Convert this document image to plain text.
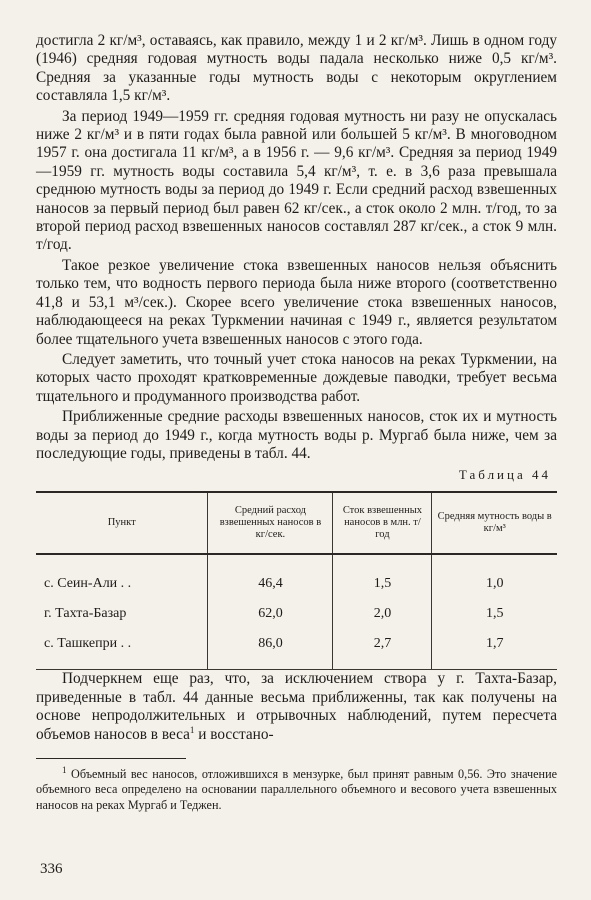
достигла 2 кг/м³, оставаясь, как правило, между 1 и 2 кг/м³. Лишь в одном году (1946) средняя годовая мутность воды падала несколько ниже 0,5 кг/м³. Средняя за указанные годы мутность воды с некоторым округлением составляла 1,5 кг/м³.

За период 1949—1959 гг. средняя годовая мутность ни разу не опускалась ниже 2 кг/м³ и в пяти годах была равной или большей 5 кг/м³. В многоводном 1957 г. она достигала 11 кг/м³, а в 1956 г. — 9,6 кг/м³. Средняя за период 1949—1959 гг. мутность воды составила 5,4 кг/м³, т. е. в 3,6 раза превышала среднюю мутность воды за период до 1949 г. Если средний расход взвешенных наносов за первый период был равен 62 кг/сек., а сток около 2 млн. т/год, то за второй период расход взвешенных наносов составлял 287 кг/сек., а сток 9 млн. т/год.

Такое резкое увеличение стока взвешенных наносов нельзя объяснить только тем, что водность первого периода была ниже второго (соответственно 41,8 и 53,1 м³/сек.). Скорее всего увеличение стока взвешенных наносов, наблюдающееся на реках Туркмении начиная с 1949 г., является результатом более тщательного учета взвешенных наносов с этого года.

Следует заметить, что точный учет стока наносов на реках Туркмении, на которых часто проходят кратковременные дождевые паводки, требует весьма тщательного и продуманного производства работ.

Приближенные средние расходы взвешенных наносов, сток их и мутность воды за период до 1949 г., когда мутность воды р. Мургаб была ниже, чем за последующие годы, приведены в табл. 44.

Таблица 44
Пункт	Средний расход взвешенных наносов в кг/сек.	Сток взвешенных наносов в млн. т/год	Средняя мутность воды в кг/м³
с. Сеин-Али . .	46,4	1,5	1,0
г. Тахта-Базар	62,0	2,0	1,5
с. Ташкепри . .	86,0	2,7	1,7

Подчеркнем еще раз, что, за исключением створа у г. Тахта-Базар, приведенные в табл. 44 данные весьма приближенны, так как получены на основе непродолжительных и отрывочных наблюдений, путем пересчета объемов наносов в веса$^1$ и восстано-

$^1$ Объемный вес наносов, отложившихся в мензурке, был принят равным 0,56. Это значение объемного веса определено на основании параллельного объемного и весового учета взвешенных наносов на реках Мургаб и Теджен.

336
